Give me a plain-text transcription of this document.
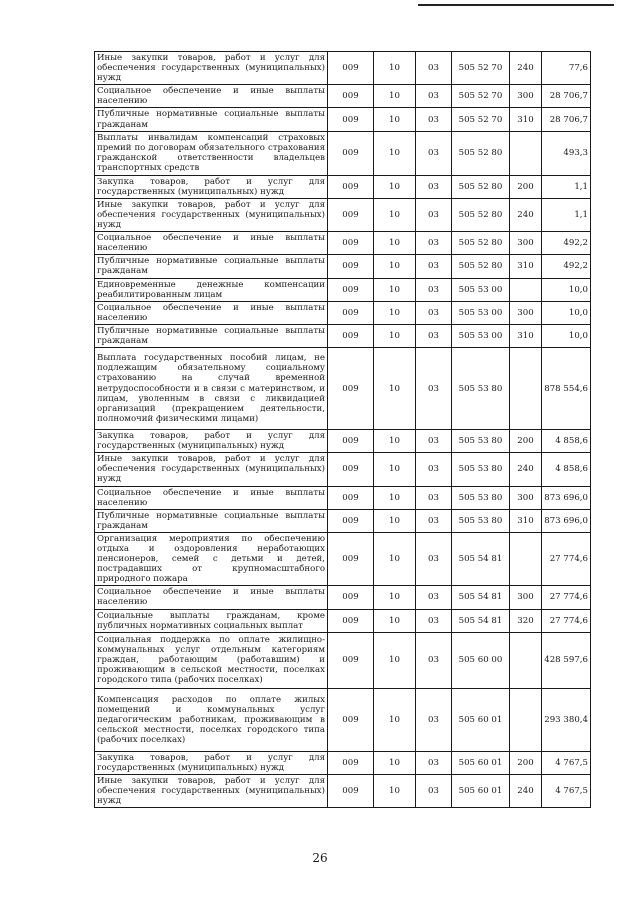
Иные закупки товаров, работ и услуг для обеспечения государственных (муниципальных) нужд	009	10	03	505 52 70	240	77,6
Социальное обеспечение и иные выплаты населению	009	10	03	505 52 70	300	28 706,7
Публичные нормативные социальные выплаты гражданам	009	10	03	505 52 70	310	28 706,7
Выплаты инвалидам компенсаций страховых премий по договорам обязательного страхования гражданской ответственности владельцев транспортных средств	009	10	03	505 52 80		493,3
Закупка товаров, работ и услуг для государственных (муниципальных) нужд	009	10	03	505 52 80	200	1,1
Иные закупки товаров, работ и услуг для обеспечения государственных (муниципальных) нужд	009	10	03	505 52 80	240	1,1
Социальное обеспечение и иные выплаты населению	009	10	03	505 52 80	300	492,2
Публичные нормативные социальные выплаты гражданам	009	10	03	505 52 80	310	492,2
Единовременные денежные компенсации реабилитированным лицам	009	10	03	505 53 00		10,0
Социальное обеспечение и иные выплаты населению	009	10	03	505 53 00	300	10,0
Публичные нормативные социальные выплаты гражданам	009	10	03	505 53 00	310	10,0
Выплата государственных пособий лицам, не подлежащим обязательному социальному страхованию на случай временной нетрудоспособности и в связи с материнством, и лицам, уволенным в связи с ликвидацией организаций (прекращением деятельности, полномочий физическими лицами)	009	10	03	505 53 80		878 554,6
Закупка товаров, работ и услуг для государственных (муниципальных) нужд	009	10	03	505 53 80	200	4 858,6
Иные закупки товаров, работ и услуг для обеспечения государственных (муниципальных) нужд	009	10	03	505 53 80	240	4 858,6
Социальное обеспечение и иные выплаты населению	009	10	03	505 53 80	300	873 696,0
Публичные нормативные социальные выплаты гражданам	009	10	03	505 53 80	310	873 696,0
Организация мероприятия по обеспечению отдыха и оздоровления неработающих пенсионеров, семей с детьми и детей, пострадавших от крупномасштабного природного пожара	009	10	03	505 54 81		27 774,6
Социальное обеспечение и иные выплаты населению	009	10	03	505 54 81	300	27 774,6
Социальные выплаты гражданам, кроме публичных нормативных социальных выплат	009	10	03	505 54 81	320	27 774,6
Социальная поддержка по оплате жилищно-коммунальных услуг отдельным категориям граждан, работающим (работавшим) и проживающим в сельской местности, поселках городского типа (рабочих поселках)	009	10	03	505 60 00		428 597,6
Компенсация расходов по оплате жилых помещений и коммунальных услуг педагогическим работникам, проживающим в сельской местности, поселках городского типа (рабочих поселках)	009	10	03	505 60 01		293 380,4
Закупка товаров, работ и услуг для государственных (муниципальных) нужд	009	10	03	505 60 01	200	4 767,5
Иные закупки товаров, работ и услуг для обеспечения государственных (муниципальных) нужд	009	10	03	505 60 01	240	4 767,5
26
